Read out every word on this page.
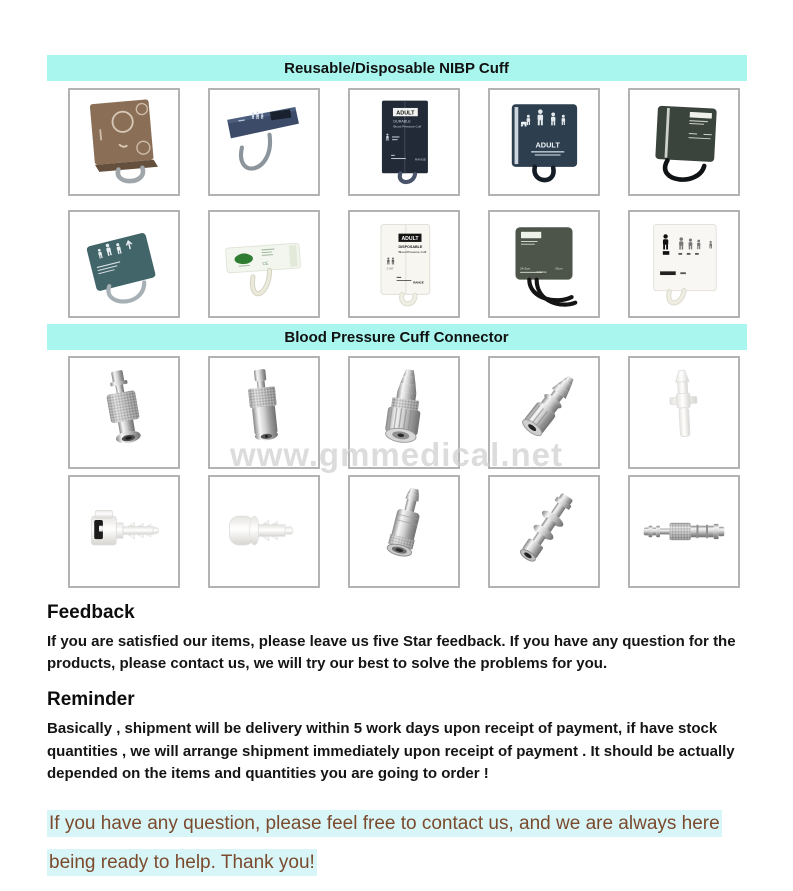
Reusable/Disposable NIBP Cuff
ADULT
DURABLE
Blood Pressure Cuff
RANGE
ADULT
CE
ADULT
DISPOSABLE
Blood Pressure Cuff
2-3/8"
RANGE
24.5cm	32cm
RANGE
Blood Pressure Cuff Connector
www.gmmedical.net
Feedback

If you are satisfied our items, please leave us five Star feedback. If you have any question for the products, please contact us, we will try our best to solve the problems for you.

Reminder

Basically , shipment will be delivery within 5 work days upon receipt of payment, if have stock quantities , we will arrange shipment immediately upon receipt of payment . It should be actually depended on the items and quantities you are going to order !

If you have any question, please feel free to contact us, and we are always here

being ready to help. Thank you!
